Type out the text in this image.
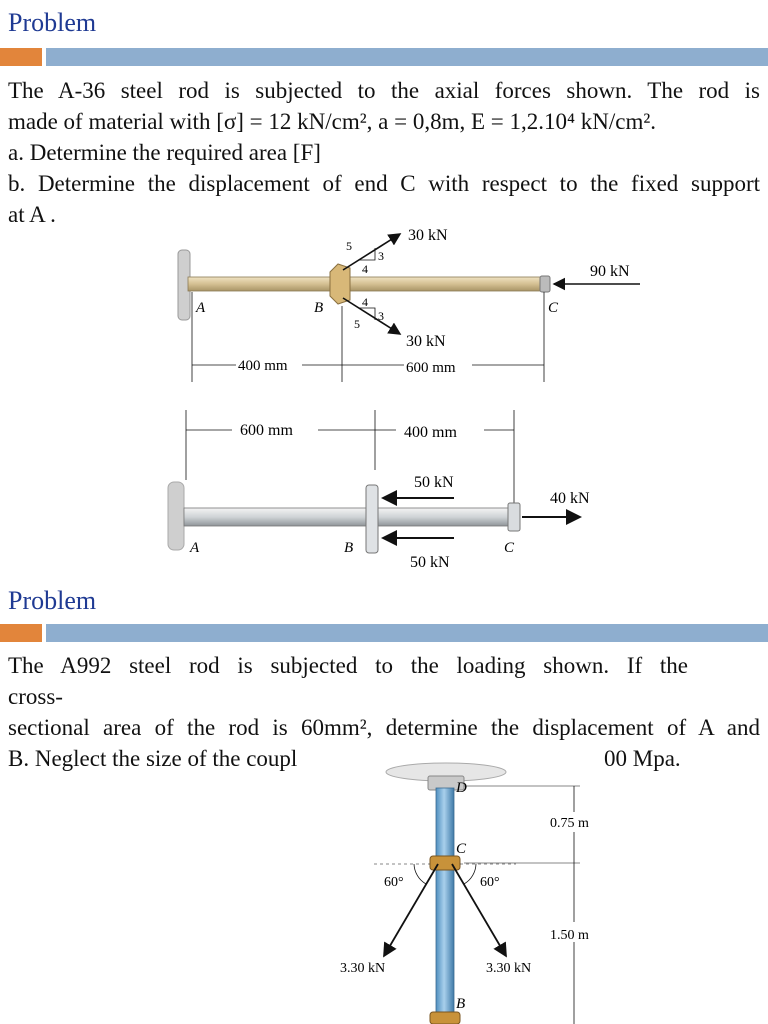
Problem

The A-36 steel rod is subjected to the axial forces shown. The rod is

made of material with [σ] = 12 kN/cm², a = 0,8m, E = 1,2.10⁴ kN/cm².

a. Determine the required area [F]

b. Determine the displacement of end C with respect to the fixed support

at A .

5
4
3
4
3
5
30 kN
30 kN
90 kN
A	B	C
400 mm	600 mm
600 mm	400 mm
50 kN
50 kN
40 kN
A	B	C
Problem

The A992 steel rod is subjected to the loading shown. If the

cross-

sectional area of the rod is 60mm², determine the displacement of A and

B. Neglect the size of the coupl	00 Mpa.

60°	60°
3.30 kN	3.30 kN
D
C
B
0.75 m
1.50 m
